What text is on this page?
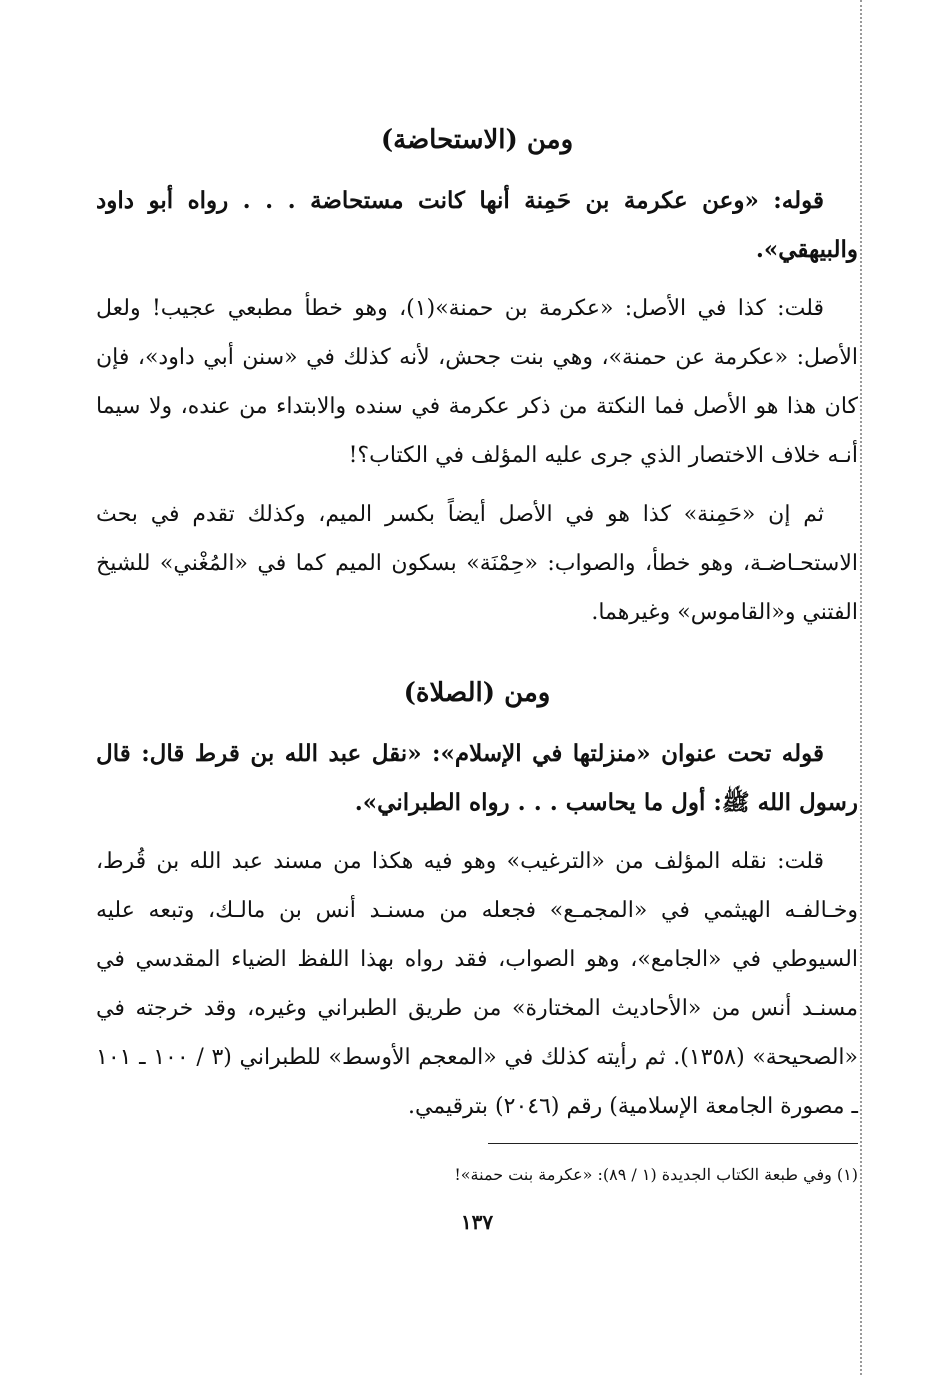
ومن (الاستحاضة)

قوله: «وعن عكرمة بن حَمِنة أنها كانت مستحاضة . . . رواه أبو داود والبيهقي».

قلت: كذا في الأصل: «عكرمة بن حمنة»(١)، وهو خطأ مطبعي عجيب! ولعل الأصل: «عكرمة عن حمنة»، وهي بنت جحش، لأنه كذلك في «سنن أبي داود»، فإن كان هذا هو الأصل فما النكتة من ذكر عكرمة في سنده والابتداء من عنده، ولا سيما أنـه خلاف الاختصار الذي جرى عليه المؤلف في الكتاب؟!

ثم إن «حَمِنة» كذا هو في الأصل أيضاً بكسر الميم، وكذلك تقدم في بحث الاستحـاضـة، وهو خطأ، والصواب: «حِمْنَة» بسكون الميم كما في «المُغْني» للشيخ الفتني و«القاموس» وغيرهما.

ومن (الصلاة)

قوله تحت عنوان «منزلتها في الإسلام»: «نقل عبد الله بن قرط قال: قال رسول الله ﷺ: أول ما يحاسب . . . رواه الطبراني».

قلت: نقله المؤلف من «الترغيب» وهو فيه هكذا من مسند عبد الله بن قُرط، وخـالفـه الهيثمي في «المجمـع» فجعله من مسنـد أنس بن مالـك، وتبعه عليه السيوطي في «الجامع»، وهو الصواب، فقد رواه بهذا اللفظ الضياء المقدسي في مسنـد أنس من «الأحاديث المختارة» من طريق الطبراني وغيره، وقد خرجته في «الصحيحة» (١٣٥٨). ثم رأيته كذلك في «المعجم الأوسط» للطبراني (٣ / ١٠٠ ـ ١٠١ ـ مصورة الجامعة الإسلامية) رقم (٢٠٤٦) بترقيمي.

(١) وفي طبعة الكتاب الجديدة (١ / ٨٩): «عكرمة بنت حمنة»!

١٣٧
